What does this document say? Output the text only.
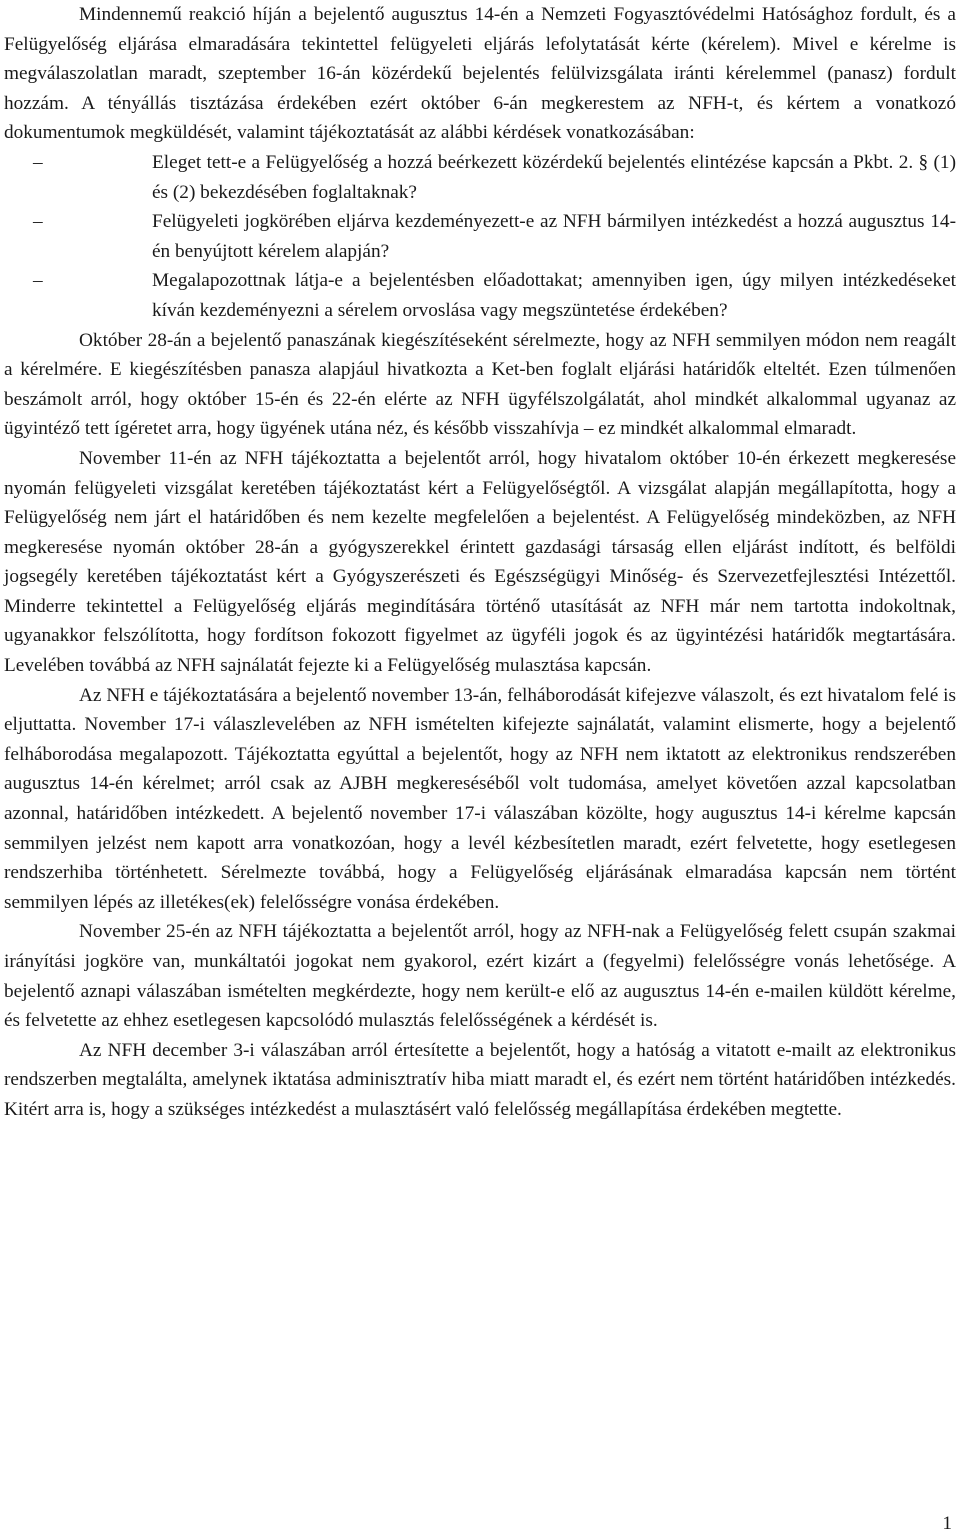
Mindennemű reakció híján a bejelentő augusztus 14-én a Nemzeti Fogyasztóvédelmi Hatósághoz fordult, és a Felügyelőség eljárása elmaradására tekintettel felügyeleti eljárás lefolytatását kérte (kérelem). Mivel e kérelme is megválaszolatlan maradt, szeptember 16-án közérdekű bejelentés felülvizsgálata iránti kérelemmel (panasz) fordult hozzám. A tényállás tisztázása érdekében ezért október 6-án megkerestem az NFH-t, és kértem a vonatkozó dokumentumok megküldését, valamint tájékoztatását az alábbi kérdések vonatkozásában:

–	Eleget tett-e a Felügyelőség a hozzá beérkezett közérdekű bejelentés elintézése kapcsán a Pkbt. 2. § (1) és (2) bekezdésében foglaltaknak?
–	Felügyeleti jogkörében eljárva kezdeményezett-e az NFH bármilyen intézkedést a hozzá augusztus 14-én benyújtott kérelem alapján?
–	Megalapozottnak látja-e a bejelentésben előadottakat; amennyiben igen, úgy milyen intézkedéseket kíván kezdeményezni a sérelem orvoslása vagy megszüntetése érdekében?

Október 28-án a bejelentő panaszának kiegészítéseként sérelmezte, hogy az NFH semmilyen módon nem reagált a kérelmére. E kiegészítésben panasza alapjául hivatkozta a Ket-ben foglalt eljárási határidők elteltét. Ezen túlmenően beszámolt arról, hogy október 15-én és 22-én elérte az NFH ügyfélszolgálatát, ahol mindkét alkalommal ugyanaz az ügyintéző tett ígéretet arra, hogy ügyének utána néz, és később visszahívja – ez mindkét alkalommal elmaradt.

November 11-én az NFH tájékoztatta a bejelentőt arról, hogy hivatalom október 10-én érkezett megkeresése nyomán felügyeleti vizsgálat keretében tájékoztatást kért a Felügyelőségtől. A vizsgálat alapján megállapította, hogy a Felügyelőség nem járt el határidőben és nem kezelte megfelelően a bejelentést. A Felügyelőség mindeközben, az NFH megkeresése nyomán október 28-án a gyógyszerekkel érintett gazdasági társaság ellen eljárást indított, és belföldi jogsegély keretében tájékoztatást kért a Gyógyszerészeti és Egészségügyi Minőség- és Szervezetfejlesztési Intézettől. Minderre tekintettel a Felügyelőség eljárás megindítására történő utasítását az NFH már nem tartotta indokoltnak, ugyanakkor felszólította, hogy fordítson fokozott figyelmet az ügyféli jogok és az ügyintézési határidők megtartására. Levelében továbbá az NFH sajnálatát fejezte ki a Felügyelőség mulasztása kapcsán.

Az NFH e tájékoztatására a bejelentő november 13-án, felháborodását kifejezve válaszolt, és ezt hivatalom felé is eljuttatta. November 17-i válaszlevelében az NFH ismételten kifejezte sajnálatát, valamint elismerte, hogy a bejelentő felháborodása megalapozott. Tájékoztatta egyúttal a bejelentőt, hogy az NFH nem iktatott az elektronikus rendszerében augusztus 14-én kérelmet; arról csak az AJBH megkereséséből volt tudomása, amelyet követően azzal kapcsolatban azonnal, határidőben intézkedett. A bejelentő november 17-i válaszában közölte, hogy augusztus 14-i kérelme kapcsán semmilyen jelzést nem kapott arra vonatkozóan, hogy a levél kézbesítetlen maradt, ezért felvetette, hogy esetlegesen rendszerhiba történhetett. Sérelmezte továbbá, hogy a Felügyelőség eljárásának elmaradása kapcsán nem történt semmilyen lépés az illetékes(ek) felelősségre vonása érdekében.

November 25-én az NFH tájékoztatta a bejelentőt arról, hogy az NFH-nak a Felügyelőség felett csupán szakmai irányítási jogköre van, munkáltatói jogokat nem gyakorol, ezért kizárt a (fegyelmi) felelősségre vonás lehetősége. A bejelentő aznapi válaszában ismételten megkérdezte, hogy nem került-e elő az augusztus 14-én e-mailen küldött kérelme, és felvetette az ehhez esetlegesen kapcsolódó mulasztás felelősségének a kérdését is.

Az NFH december 3-i válaszában arról értesítette a bejelentőt, hogy a hatóság a vitatott e-mailt az elektronikus rendszerben megtalálta, amelynek iktatása adminisztratív hiba miatt maradt el, és ezért nem történt határidőben intézkedés. Kitért arra is, hogy a szükséges intézkedést a mulasztásért való felelősség megállapítása érdekében megtette.

1
